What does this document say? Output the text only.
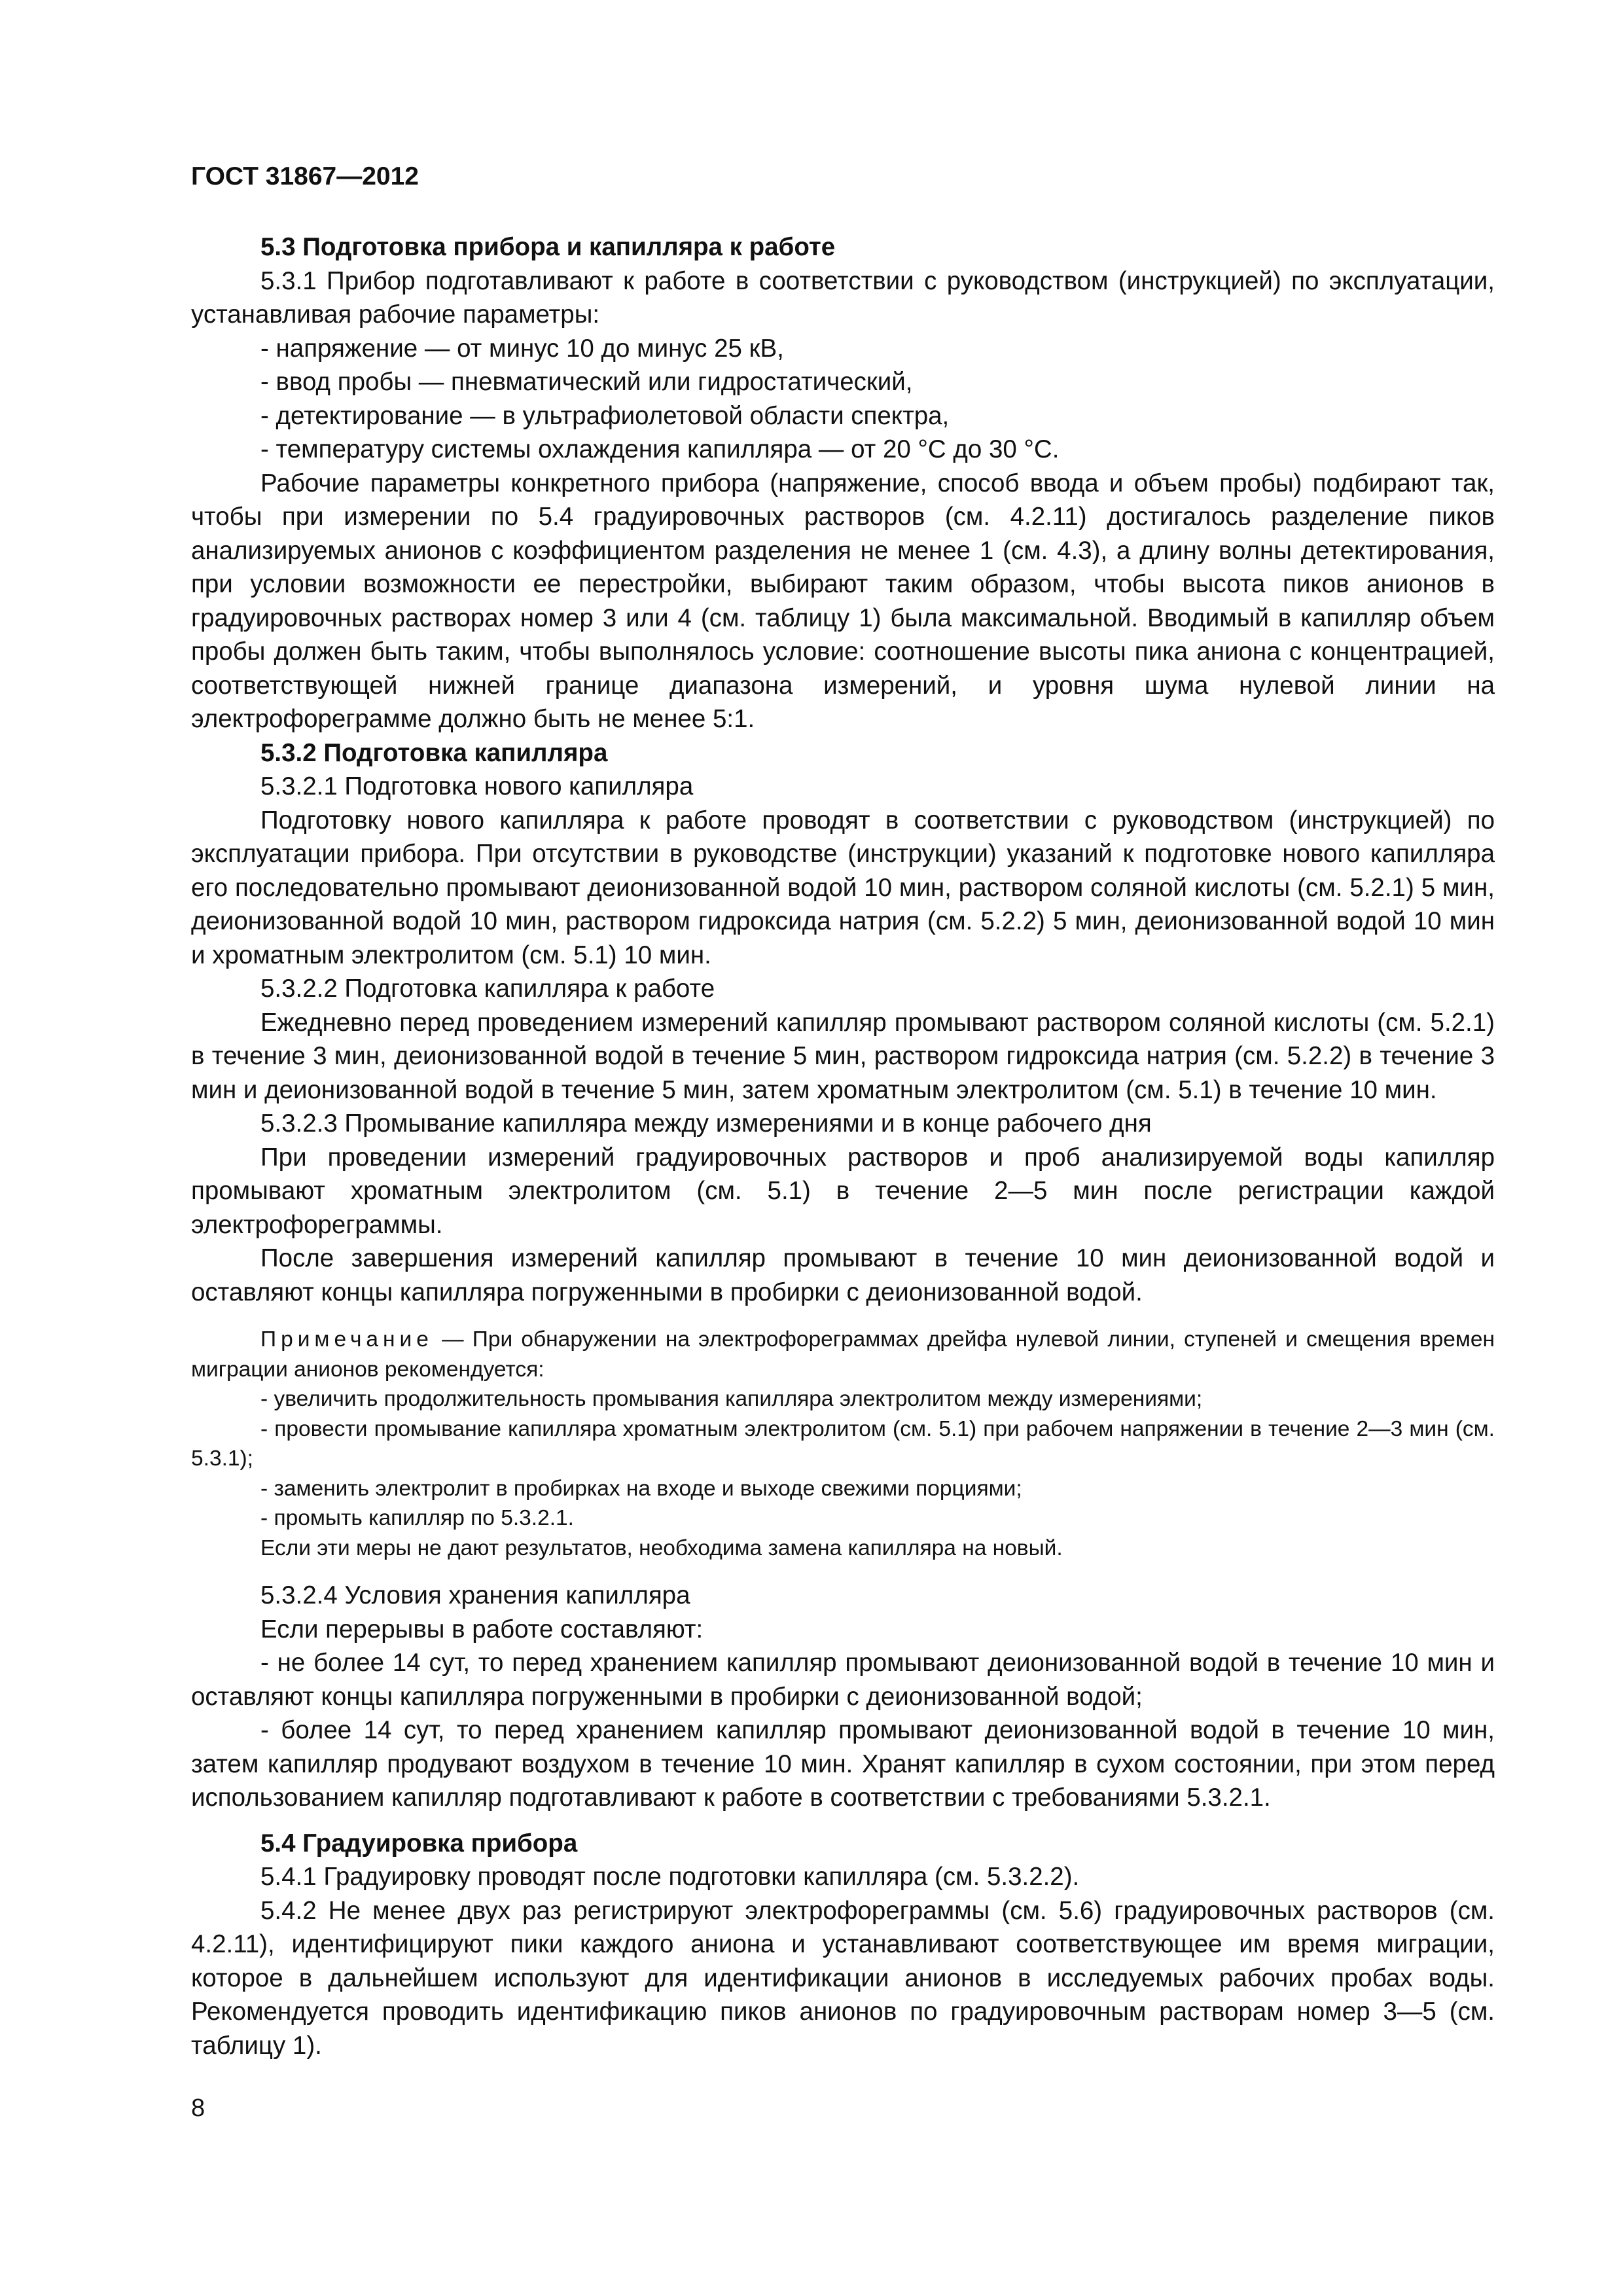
ГОСТ 31867—2012

5.3 Подготовка прибора и капилляра к работе

5.3.1 Прибор подготавливают к работе в соответствии с руководством (инструкцией) по эксплуатации, устанавливая рабочие параметры:

- напряжение — от минус 10 до минус 25 кВ,

- ввод пробы — пневматический или гидростатический,

- детектирование — в ультрафиолетовой области спектра,

- температуру системы охлаждения капилляра — от 20 °С до 30 °С.

Рабочие параметры конкретного прибора (напряжение, способ ввода и объем пробы) подбирают так, чтобы при измерении по 5.4 градуировочных растворов (см. 4.2.11) достигалось разделение пиков анализируемых анионов с коэффициентом разделения не менее 1 (см. 4.3), а длину волны детектирования, при условии возможности ее перестройки, выбирают таким образом, чтобы высота пиков анионов в градуировочных растворах номер 3 или 4 (см. таблицу 1) была максимальной. Вводимый в капилляр объем пробы должен быть таким, чтобы выполнялось условие: соотношение высоты пика аниона с концентрацией, соответствующей нижней границе диапазона измерений, и уровня шума нулевой линии на электрофореграмме должно быть не менее 5:1.

5.3.2 Подготовка капилляра

5.3.2.1 Подготовка нового капилляра

Подготовку нового капилляра к работе проводят в соответствии с руководством (инструкцией) по эксплуатации прибора. При отсутствии в руководстве (инструкции) указаний к подготовке нового капилляра его последовательно промывают деионизованной водой 10 мин, раствором соляной кислоты (см. 5.2.1) 5 мин, деионизованной водой 10 мин, раствором гидроксида натрия (см. 5.2.2) 5 мин, деионизованной водой 10 мин и хроматным электролитом (см. 5.1) 10 мин.

5.3.2.2 Подготовка капилляра к работе

Ежедневно перед проведением измерений капилляр промывают раствором соляной кислоты (см. 5.2.1) в течение 3 мин, деионизованной водой в течение 5 мин, раствором гидроксида натрия (см. 5.2.2) в течение 3 мин и деионизованной водой в течение 5 мин, затем хроматным электролитом (см. 5.1) в течение 10 мин.

5.3.2.3 Промывание капилляра между измерениями и в конце рабочего дня

При проведении измерений градуировочных растворов и проб анализируемой воды капилляр промывают хроматным электролитом (см. 5.1) в течение 2—5 мин после регистрации каждой электрофореграммы.

После завершения измерений капилляр промывают в течение 10 мин деионизованной водой и оставляют концы капилляра погруженными в пробирки с деионизованной водой.

Примечание — При обнаружении на электрофореграммах дрейфа нулевой линии, ступеней и смещения времен миграции анионов рекомендуется:

- увеличить продолжительность промывания капилляра электролитом между измерениями;

- провести промывание капилляра хроматным электролитом (см. 5.1) при рабочем напряжении в течение 2—3 мин (см. 5.3.1);

- заменить электролит в пробирках на входе и выходе свежими порциями;

- промыть капилляр по 5.3.2.1.

Если эти меры не дают результатов, необходима замена капилляра на новый.

5.3.2.4 Условия хранения капилляра

Если перерывы в работе составляют:

- не более 14 сут, то перед хранением капилляр промывают деионизованной водой в течение 10 мин и оставляют концы капилляра погруженными в пробирки с деионизованной водой;

- более 14 сут, то перед хранением капилляр промывают деионизованной водой в течение 10 мин, затем капилляр продувают воздухом в течение 10 мин. Хранят капилляр в сухом состоянии, при этом перед использованием капилляр подготавливают к работе в соответствии с требованиями 5.3.2.1.

5.4 Градуировка прибора

5.4.1 Градуировку проводят после подготовки капилляра (см. 5.3.2.2).

5.4.2 Не менее двух раз регистрируют электрофореграммы (см. 5.6) градуировочных растворов (см. 4.2.11), идентифицируют пики каждого аниона и устанавливают соответствующее им время миграции, которое в дальнейшем используют для идентификации анионов в исследуемых рабочих пробах воды. Рекомендуется проводить идентификацию пиков анионов по градуировочным растворам номер 3—5 (см. таблицу 1).

8
